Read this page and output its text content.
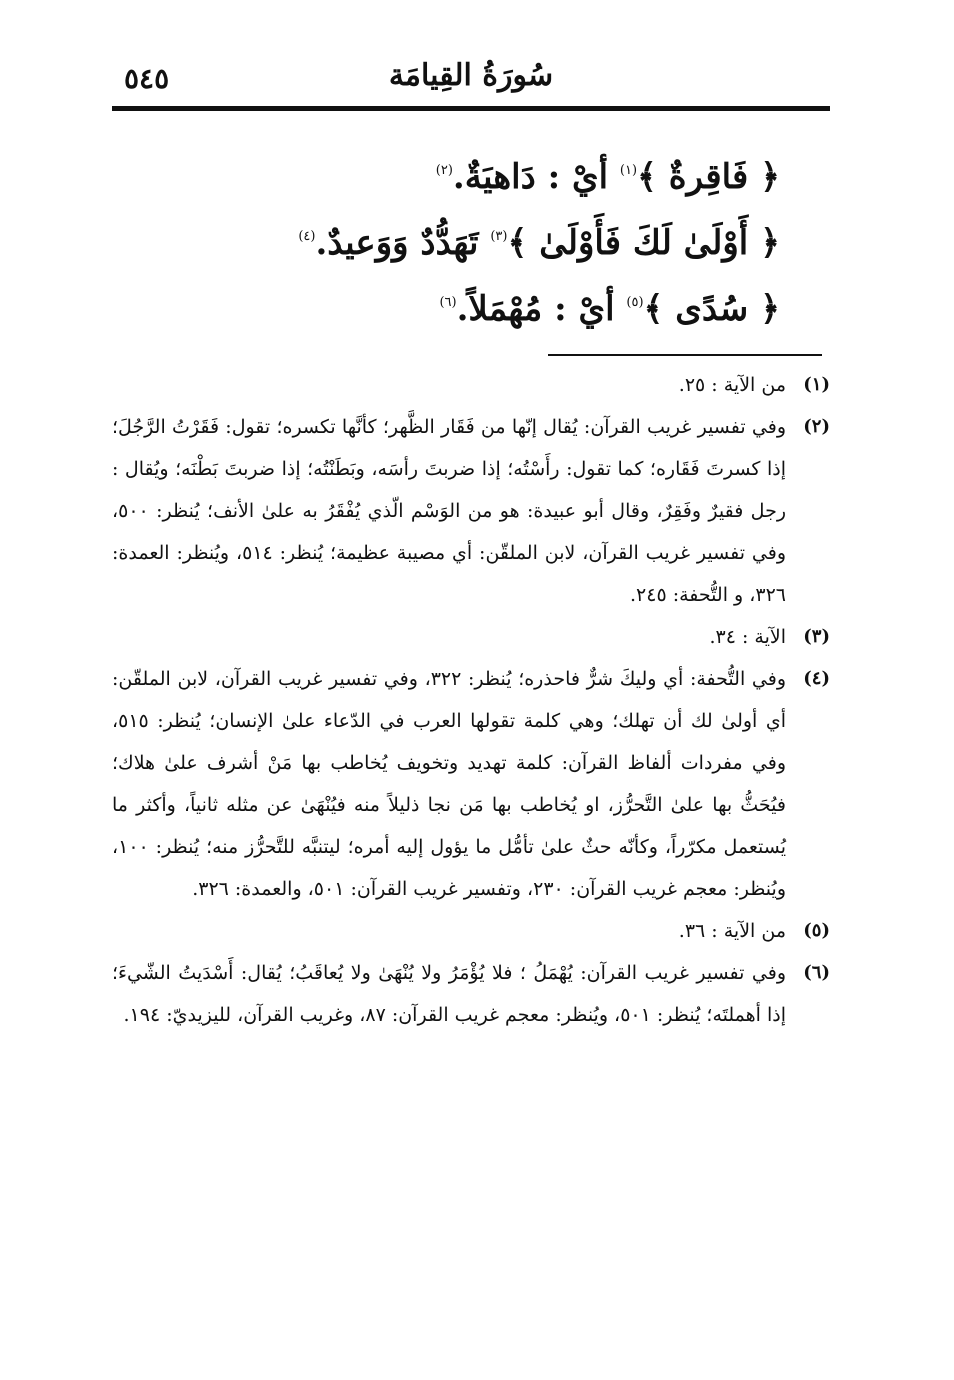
٥٤٥	سُورَةُ القِيامَة
﴿ فَاقِرةٌ ﴾$^{(١)}$ أيْ : دَاهيَةٌ.$^{(٢)}$
﴿ أَوْلَىٰ لَكَ فَأَوْلَىٰ ﴾$^{(٣)}$ تَهَدُّدٌ وَوَعيدٌ.$^{(٤)}$
﴿ سُدًى ﴾$^{(٥)}$ أيْ : مُهْمَلاً.$^{(٦)}$
(١)
من الآية : ٢٥.
(٢)
وفي تفسير غريب القرآن: يُقال إنّها من فَقَار الظَّهر؛ كأنَّها تكسره؛ تقول: فَقَرْتُ الرَّجُلَ؛ إذا كسرتَ فَقَاره؛ كما تقول: رأَسْتُه؛ إذا ضربتَ رأسَه، وبَطَنْتُه؛ إذا ضربتَ بَطْنَه؛ ويُقال : رجل فقيرٌ وفَقِرٌ، وقال أبو عبيدة: هو من الوَسْم الّذي يُفْقَرُ به علىٰ الأنف؛ يُنظر: ٥٠٠، وفي تفسير غريب القرآن، لابن الملقّن: أي مصيبة عظيمة؛ يُنظر: ٥١٤، ويُنظر: العمدة: ٣٢٦، و التُّحفة: ٢٤٥.
(٣)
الآية : ٣٤.
(٤)
وفي التُّحفة: أي وليكَ شرٌّ فاحذره؛ يُنظر: ٣٢٢، وفي تفسير غريب القرآن، لابن الملقّن: أي أولىٰ لك أن تهلك؛ وهي كلمة تقولها العرب في الدّعاء علىٰ الإنسان؛ يُنظر: ٥١٥، وفي مفردات ألفاظ القرآن: كلمة تهديد وتخويف يُخاطب بها مَنْ أشرف علىٰ هلاك؛ فيُحَثُّ بها علىٰ التَّحرُّز، او يُخاطب بها مَن نجا ذليلاً منه فيُنْهَىٰ عن مثله ثانياً، وأكثر ما يُستعمل مكرّراً، وكأنّه حثٌ علىٰ تأمُّل ما يؤول إليه أمره؛ ليتنبَّه للتَّحرُّز منه؛ يُنظر: ١٠٠، ويُنظر: معجم غريب القرآن: ٢٣٠، وتفسير غريب القرآن: ٥٠١، والعمدة: ٣٢٦.
(٥)
من الآية : ٣٦.
(٦)
وفي تفسير غريب القرآن: يُهْمَلُ ؛ فلا يُؤْمَرُ ولا يُنْهَىٰ ولا يُعاقَبُ؛ يُقال: أَسْدَيتُ الشّيءَ؛ إذا أهملتَه؛ يُنظر: ٥٠١، ويُنظر: معجم غريب القرآن: ٨٧، وغريب القرآن، لليزيديّ: ١٩٤.
